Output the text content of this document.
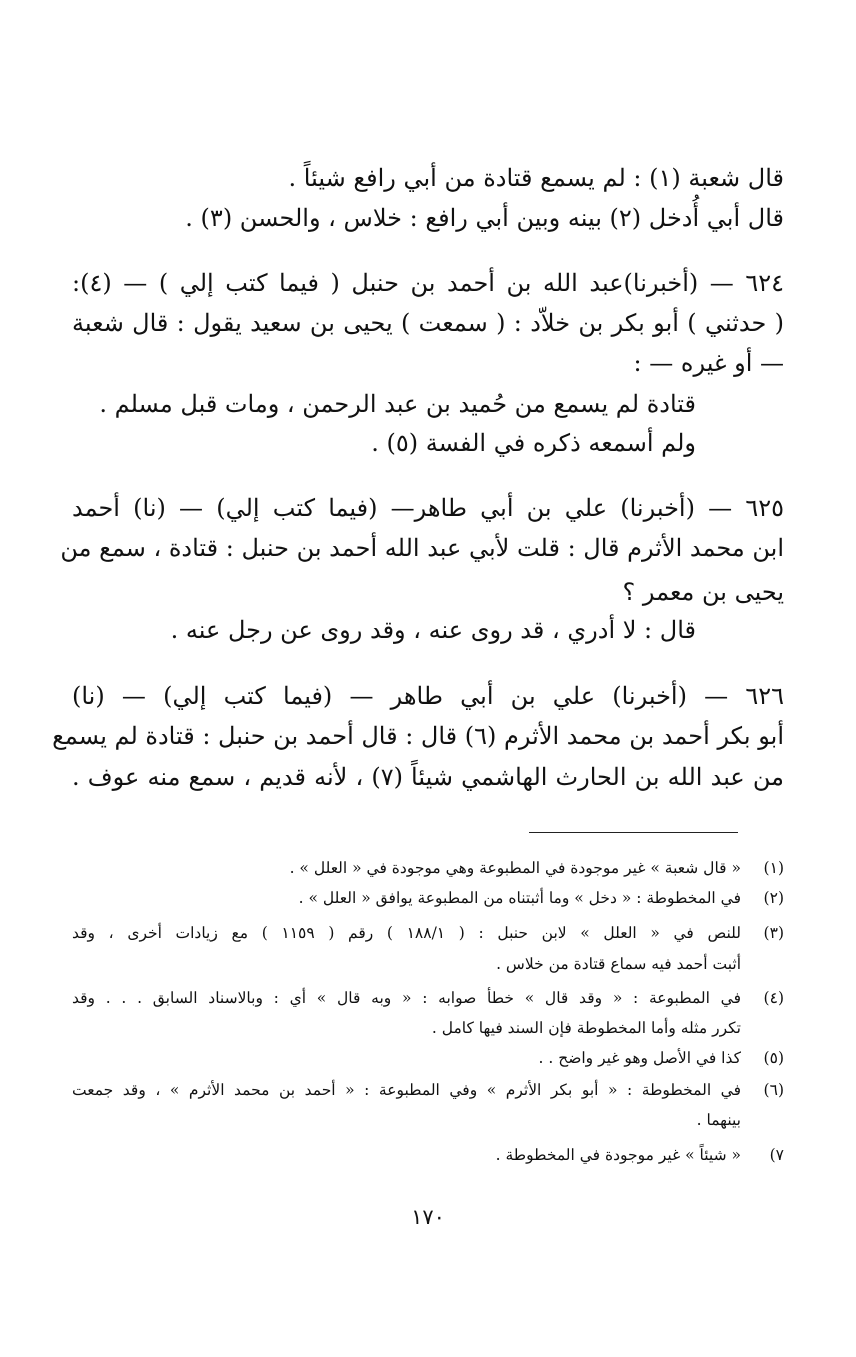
قال شعبة (١) : لم يسمع قتادة من أبي رافع شيئاً .
قال أبي أُدخل (٢) بينه وبين أبي رافع : خلاس ، والحسن (٣) .
٦٢٤ — (أخبرنا)عبد الله بن أحمد بن حنبل ( فيما كتب إلي ) — (٤):
( حدثني ) أبو بكر بن خلاّد : ( سمعت ) يحيى بن سعيد يقول : قال شعبة
— أو غيره — :
قتادة لم يسمع من حُميد بن عبد الرحمن ، ومات قبل مسلم .
ولم أسمعه ذكره في الفسة (٥) .
٦٢٥ — (أخبرنا) علي بن أبي طاهر— (فيما كتب إلي) — (نا) أحمد
ابن محمد الأثرم قال : قلت لأبي عبد الله أحمد بن حنبل : قتادة ، سمع من
يحيى بن معمر ؟
قال : لا أدري ، قد روى عنه ، وقد روى عن رجل عنه .
٦٢٦ — (أخبرنا) علي بن أبي طاهر — (فيما كتب إلي) — (نا)
أبو بكر أحمد بن محمد الأثرم (٦) قال : قال أحمد بن حنبل : قتادة لم يسمع
من عبد الله بن الحارث الهاشمي شيئاً (٧) ، لأنه قديم ، سمع منه عوف .
(١)
« قال شعبة » غير موجودة في المطبوعة وهي موجودة في « العلل » .
(٢)
في المخطوطة : « دخل » وما أثبتناه من المطبوعة يوافق « العلل » .
(٣)
للنص في « العلل » لابن حنبل : ( ١٨٨/١ ) رقم ( ١١٥٩ ) مع زيادات أخرى ، وقد
أثبت أحمد فيه سماع قتادة من خلاس .
(٤)
في المطبوعة : « وقد قال » خطأ صوابه : « وبه قال » أي : وبالاسناد السابق . . . وقد
تكرر مثله وأما المخطوطة فإن السند فيها كامل .
(٥)
كذا في الأصل وهو غير واضح . .
(٦)
في المخطوطة : « أبو بكر الأثرم » وفي المطبوعة : « أحمد بن محمد الأثرم » ، وقد جمعت
بينهما .
٧)
« شيئاً » غير موجودة في المخطوطة .
١٧٠
